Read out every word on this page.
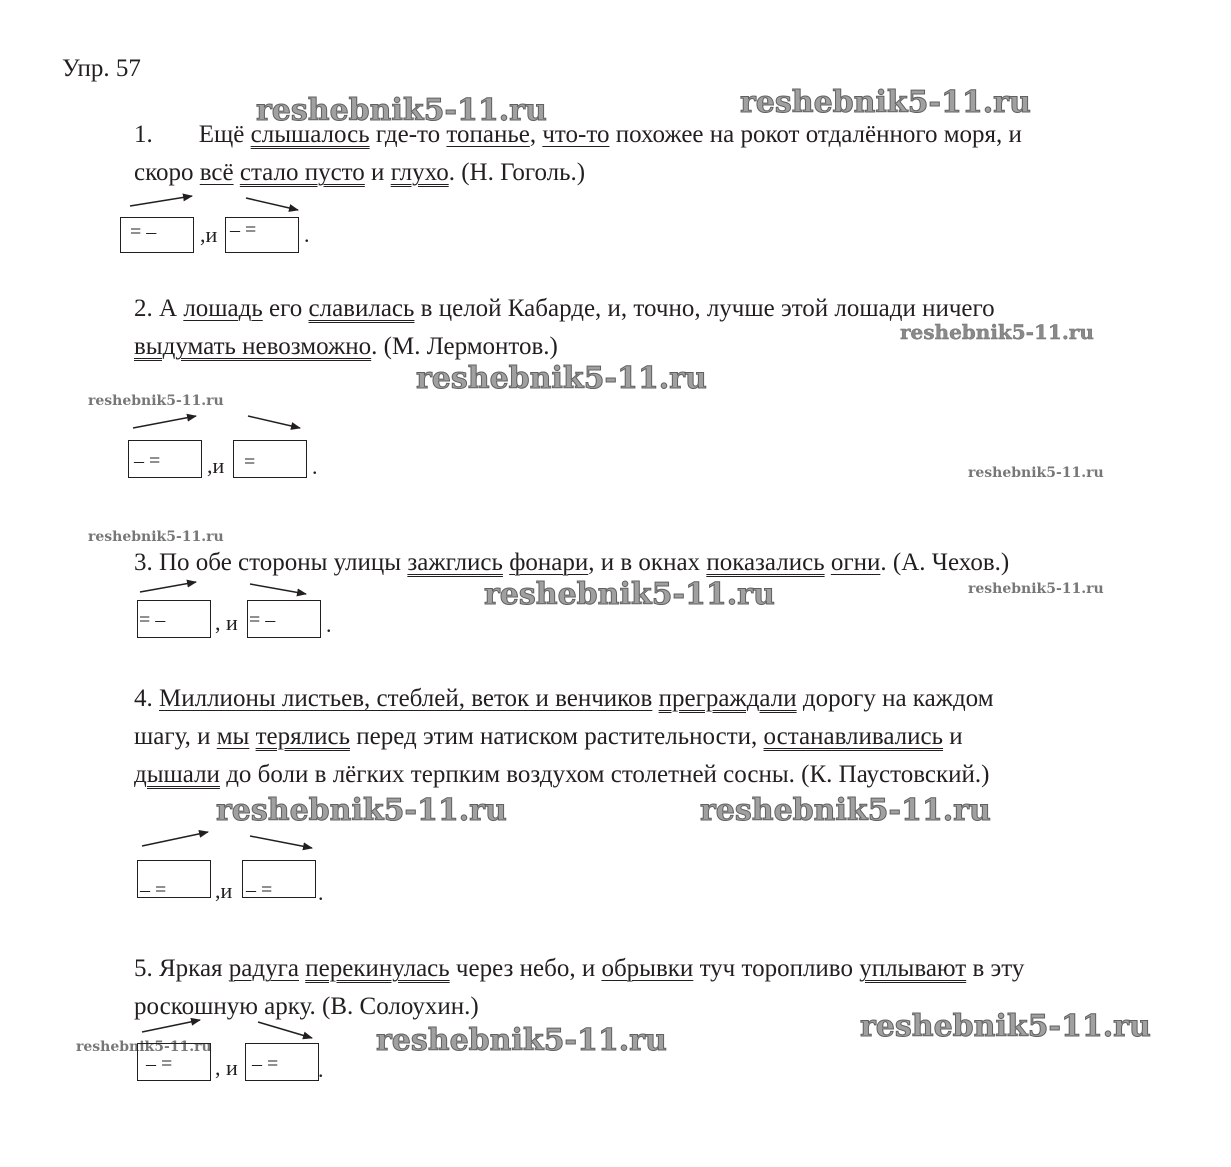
Упр. 57
reshebnik5-11.ru	reshebnik5-11.ru
reshebnik5-11.ru
reshebnik5-11.ru
reshebnik5-11.ru
reshebnik5-11.ru
reshebnik5-11.ru
reshebnik5-11.ru	reshebnik5-11.ru
reshebnik5-11.ru	reshebnik5-11.ru
reshebnik5-11.ru
reshebnik5-11.ru	reshebnik5-11.ru
1. Ещё слышалось где-то топанье, что-то похожее на рокот отдалённого моря, и
скоро всё стало пусто и глухо. (Н. Гоголь.)
= – ,и – = .
2. А лошадь его славилась в целой Кабарде, и, точно, лучше этой лошади ничего
выдумать невозможно. (М. Лермонтов.)
– = ,и =	.
3. По обе стороны улицы зажглись фонари, и в окнах показались огни. (А. Чехов.)
= – , и = – .
4. Миллионы листьев, стеблей, веток и венчиков преграждали дорогу на каждом
шагу, и мы терялись перед этим натиском растительности, останавливались и
дышали до боли в лёгких терпким воздухом столетней сосны. (К. Паустовский.)
– = ,и – = .
5. Яркая радуга перекинулась через небо, и обрывки туч торопливо уплывают в эту
роскошную арку. (В. Солоухин.)
– = , и – = .
